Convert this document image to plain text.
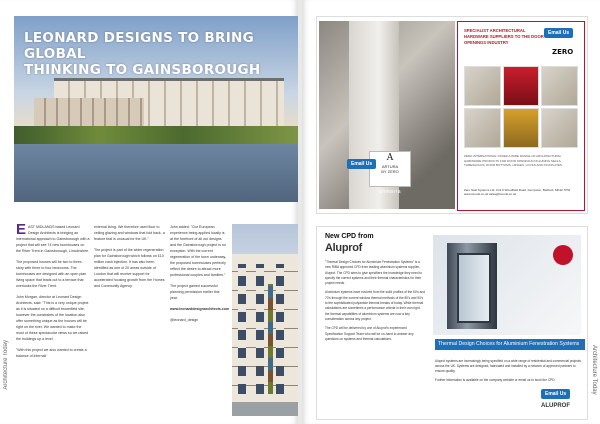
LEONARD DESIGNS TO BRING GLOBAL
THINKING TO GAINSBOROUGH
Architecture Today

EAST MIDLANDS based Leonard Design Architects is bringing an international approach to Gainsborough with a project that will see 74 new townhouses on the River Trent in Gainsborough, Lincolnshire.

The proposed houses will be two to three-story with three to four bedrooms. The townhouses are designed with an open plan living space that leads out to a terrace that overlooks the River Trent.

John Morgan, director at Leonard Design Architects, said: "This is a very unique project as it is situated on a difficult brownfield site, however the constraints of the location also offer something unique as the houses will be right on the river. We wanted to make the most of these spectacular views so we raised the buildings up a level.

"With this project we also wanted to create a balance of internal/

external living. We therefore used floor to ceiling glazing and windows that fold back, a feature that is unusual for the UK."

The project is part of the wider regeneration plan for Gainsborough which follows on £10 million cash injection. It has also been identified as one of 20 areas outside of London that will receive support for accelerated housing growth from the Homes and Community Agency.

John added: "Our European experience being applied locally is at the forefront of all our designs and the Gainsborough project is no exception. With the current regeneration of the town underway, the proposed townhouses perfectly reflect the desire to attract more professional couples and families."

The project gained successful planning permission earlier this year.

www.leonarddesignarchitects.com

@leonard_design

A
ARTURA
BY ZERO
ahmarra
Email Us
SPECIALIST ARCHITECTURAL HARDWARE SUPPLIERS TO THE DOOR OPENINGS INDUSTRY
Email Us
ZERO
ZERO INTERNATIONAL OFFER A WIDE RANGE OF ARCHITECTURAL HARDWARE PRODUCTS FOR DOOR OPENINGS INCLUDING SEALS, THRESHOLDS, DOOR BOTTOMS, HINGES, LOCKS AND KICKPLATES.
Zero Seal Systems Ltd, Unit 6 Woodfield Road, Kempston, Bedford, MK42 7PW www.zerouk.co.uk sales@zerouk.co.uk
New CPD from
Aluprof

"Thermal Design Choices for Aluminium Fenestration Systems" is a new RIBA approved CPD from leading aluminium systems supplier, Aluprof. The CPD aims to give specifiers the knowledge they need to specify the correct systems and their thermal characteristics for their project needs.

Aluminium systems have evolved from the solid profiles of the 60's and 70's through the current window thermal methods of the 80's and 90's to the sophisticated polyamide thermal breaks of today. While thermal calculations are sometimes a performance criteria in their own right, the thermal capabilities of aluminium systems are now a key consideration across any project.

The CPD will be delivered by one of Aluprof's experienced Specification Support Team who will be on-hand to answer any questions on systems and thermal calculations.

Thermal Design Choices for Aluminium Fenestration Systems

Aluprof systems are increasingly being specified on a wide range of residential and commercial projects across the UK. Systems are designed, fabricated and installed by a network of approved partners to ensure quality.

Further information is available on the company website or email us to book the CPD.

Email Us
ALUPROF
Architecture Today
